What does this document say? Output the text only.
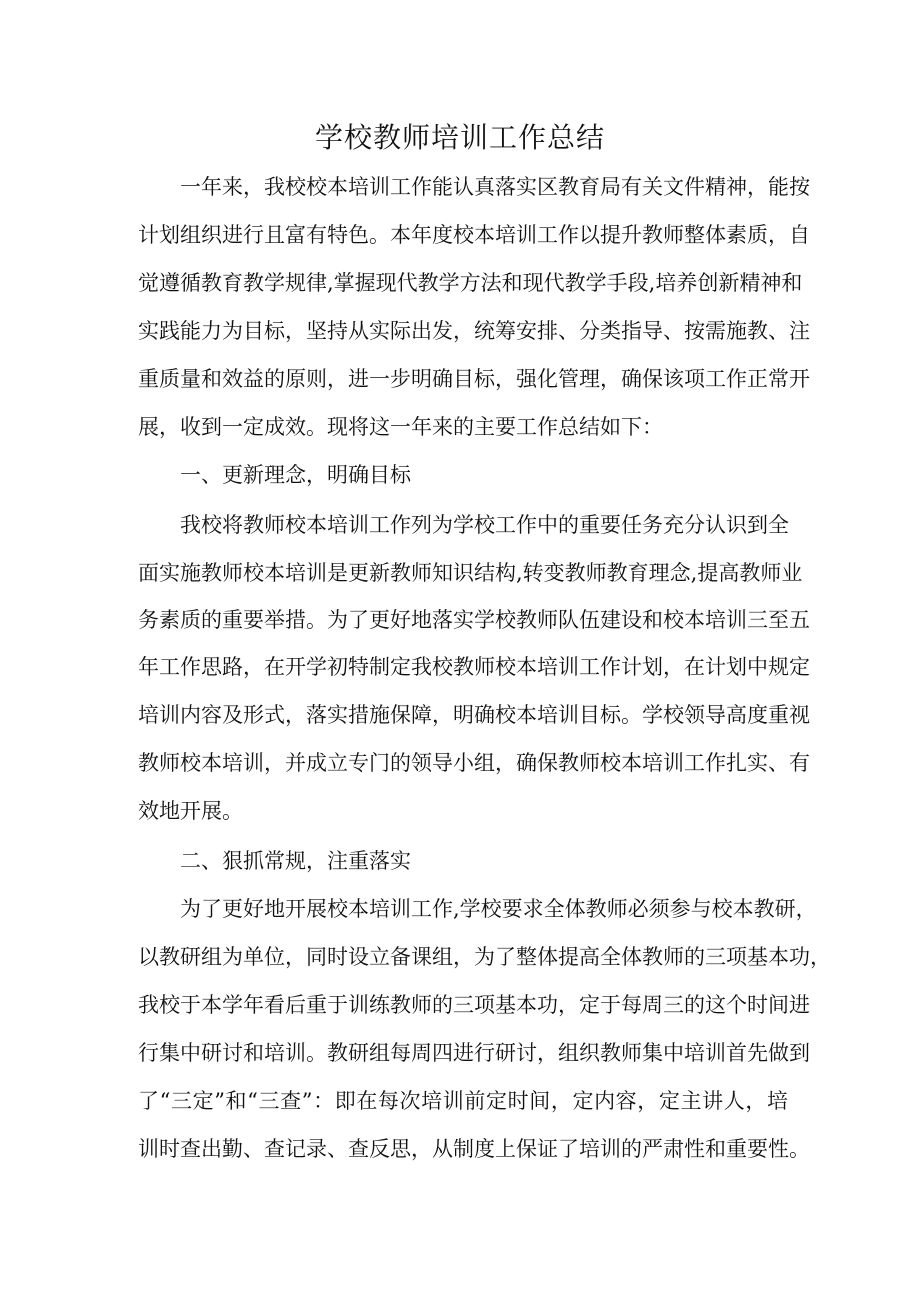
学校教师培训工作总结
一年来，我校校本培训工作能认真落实区教育局有关文件精神，能按
计划组织进行且富有特色。本年度校本培训工作以提升教师整体素质，自
觉遵循教育教学规律,掌握现代教学方法和现代教学手段,培养创新精神和
实践能力为目标，坚持从实际出发，统筹安排、分类指导、按需施教、注
重质量和效益的原则，进一步明确目标，强化管理，确保该项工作正常开
展，收到一定成效。现将这一年来的主要工作总结如下：
一、更新理念，明确目标
我校将教师校本培训工作列为学校工作中的重要任务充分认识到全
面实施教师校本培训是更新教师知识结构,转变教师教育理念,提高教师业
务素质的重要举措。为了更好地落实学校教师队伍建设和校本培训三至五
年工作思路，在开学初特制定我校教师校本培训工作计划，在计划中规定
培训内容及形式，落实措施保障，明确校本培训目标。学校领导高度重视
教师校本培训，并成立专门的领导小组，确保教师校本培训工作扎实、有
效地开展。
二、狠抓常规，注重落实
为了更好地开展校本培训工作,学校要求全体教师必须参与校本教研，
以教研组为单位，同时设立备课组，为了整体提高全体教师的三项基本功，
我校于本学年看后重于训练教师的三项基本功，定于每周三的这个时间进
行集中研讨和培训。教研组每周四进行研讨，组织教师集中培训首先做到
了“三定”和“三查”：即在每次培训前定时间，定内容，定主讲人，培
训时查出勤、查记录、查反思，从制度上保证了培训的严肃性和重要性。
